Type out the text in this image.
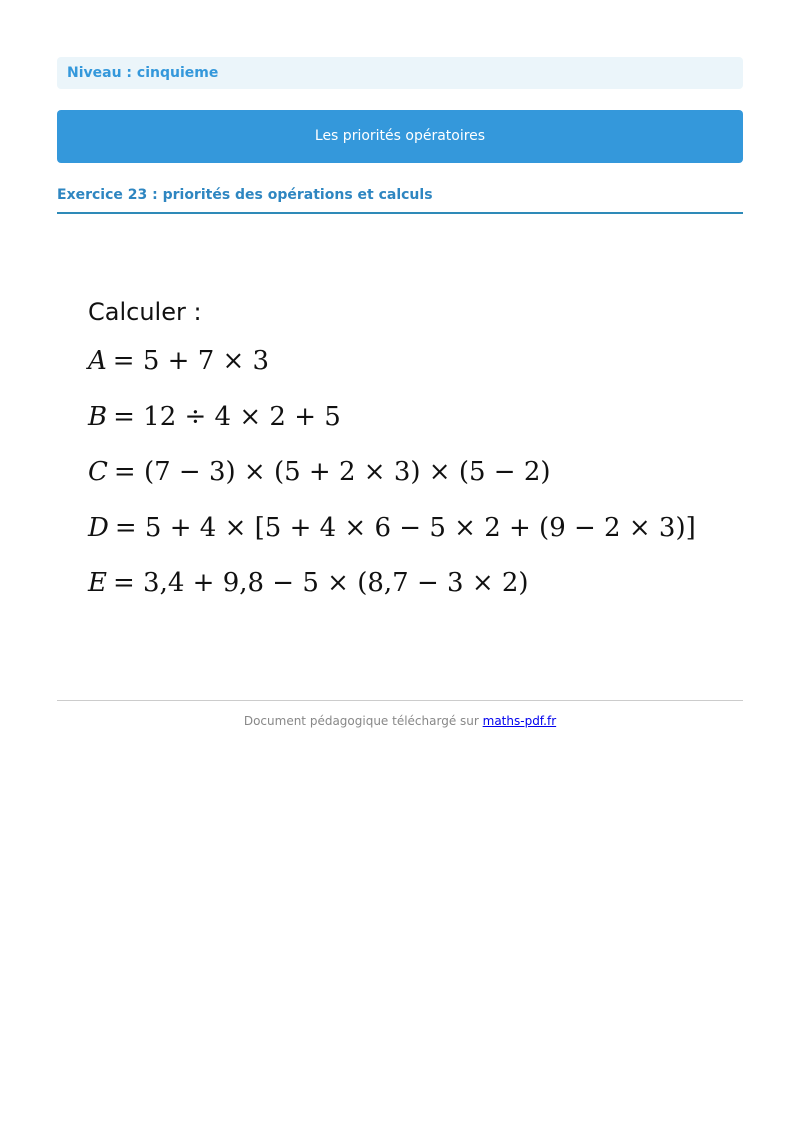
Niveau : cinquieme
Les priorités opératoires
Exercice 23 : priorités des opérations et calculs

Calculer :

A = 5 + 7 × 3

B = 12 ÷ 4 × 2 + 5

C = (7 − 3) × (5 + 2 × 3) × (5 − 2)

D = 5 + 4 × [5 + 4 × 6 − 5 × 2 + (9 − 2 × 3)]

E = 3,4 + 9,8 − 5 × (8,7 − 3 × 2)

Document pédagogique téléchargé sur maths-pdf.fr
